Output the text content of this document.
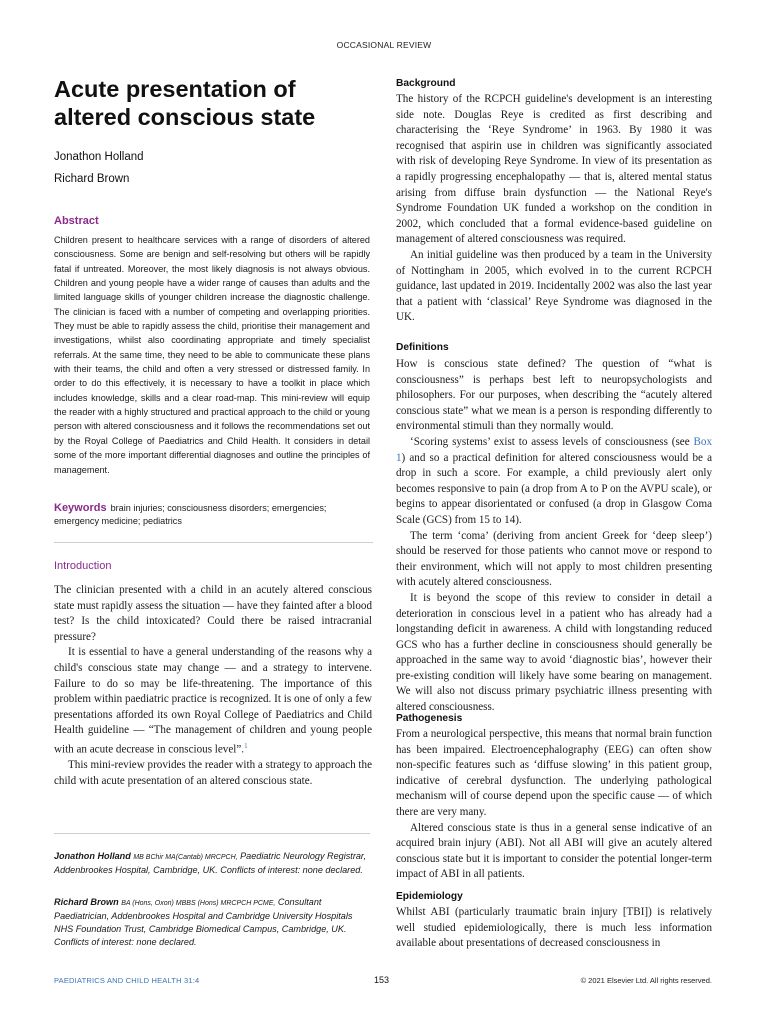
OCCASIONAL REVIEW
Acute presentation of altered conscious state
Jonathon Holland
Richard Brown
Abstract

Children present to healthcare services with a range of disorders of altered consciousness. Some are benign and self-resolving but others will be rapidly fatal if untreated. Moreover, the most likely diagnosis is not always obvious. Children and young people have a wider range of causes than adults and the limited language skills of younger children increase the diagnostic challenge. The clinician is faced with a number of competing and overlapping priorities. They must be able to rapidly assess the child, prioritise their management and investigations, whilst also coordinating appropriate and timely specialist referrals. At the same time, they need to be able to communicate these plans with their teams, the child and often a very stressed or distressed family. In order to do this effectively, it is necessary to have a toolkit in place which includes knowledge, skills and a clear road-map. This mini-review will equip the reader with a highly structured and practical approach to the child or young person with altered consciousness and it follows the recommendations set out by the Royal College of Paediatrics and Child Health. It considers in detail some of the more important differential diagnoses and outline the principles of management.

Keywords brain injuries; consciousness disorders; emergencies; emergency medicine; pediatrics

Introduction

The clinician presented with a child in an acutely altered conscious state must rapidly assess the situation — have they fainted after a blood test? Is the child intoxicated? Could there be raised intracranial pressure?

It is essential to have a general understanding of the reasons why a child's conscious state may change — and a strategy to intervene. Failure to do so may be life-threatening. The importance of this problem within paediatric practice is recognized. It is one of only a few presentations afforded its own Royal College of Paediatrics and Child Health guideline — “The management of children and young people with an acute decrease in conscious level”.$^1$

This mini-review provides the reader with a strategy to approach the child with acute presentation of an altered conscious state.

Jonathon Holland MB BChir MA(Cantab) MRCPCH, Paediatric Neurology Registrar, Addenbrookes Hospital, Cambridge, UK. Conflicts of interest: none declared.

Richard Brown BA (Hons, Oxon) MBBS (Hons) MRCPCH PCME, Consultant Paediatrician, Addenbrookes Hospital and Cambridge University Hospitals NHS Foundation Trust, Cambridge Biomedical Campus, Cambridge, UK. Conflicts of interest: none declared.

Background

The history of the RCPCH guideline's development is an interesting side note. Douglas Reye is credited as first describing and characterising the ‘Reye Syndrome’ in 1963. By 1980 it was recognised that aspirin use in children was significantly associated with risk of developing Reye Syndrome. In view of its presentation as a rapidly progressing encephalopathy — that is, altered mental status arising from diffuse brain dysfunction — the National Reye's Syndrome Foundation UK funded a workshop on the condition in 2002, which concluded that a formal evidence-based guideline on management of altered consciousness was required.

An initial guideline was then produced by a team in the University of Nottingham in 2005, which evolved in to the current RCPCH guidance, last updated in 2019. Incidentally 2002 was also the last year that a patient with ‘classical’ Reye Syndrome was diagnosed in the UK.

Definitions

How is conscious state defined? The question of “what is consciousness” is perhaps best left to neuropsychologists and philosophers. For our purposes, when describing the “acutely altered conscious state” what we mean is a person is responding differently to environmental stimuli than they normally would.

‘Scoring systems’ exist to assess levels of consciousness (see Box 1) and so a practical definition for altered consciousness would be a drop in such a score. For example, a child previously alert only becomes responsive to pain (a drop from A to P on the AVPU scale), or begins to appear disorientated or confused (a drop in Glasgow Coma Scale (GCS) from 15 to 14).

The term ‘coma’ (deriving from ancient Greek for ‘deep sleep’) should be reserved for those patients who cannot move or respond to their environment, which will not apply to most children presenting with acutely altered consciousness.

It is beyond the scope of this review to consider in detail a deterioration in conscious level in a patient who has already had a longstanding deficit in awareness. A child with longstanding reduced GCS who has a further decline in consciousness should generally be approached in the same way to avoid ‘diagnostic bias’, however their pre-existing condition will likely have some bearing on management. We will also not discuss primary psychiatric illness presenting with altered consciousness.

Pathogenesis

From a neurological perspective, this means that normal brain function has been impaired. Electroencephalography (EEG) can often show non-specific features such as ‘diffuse slowing’ in this patient group, indicative of cerebral dysfunction. The underlying pathological mechanism will of course depend upon the specific cause — of which there are very many.

Altered conscious state is thus in a general sense indicative of an acquired brain injury (ABI). Not all ABI will give an acutely altered conscious state but it is important to consider the potential longer-term impact of ABI in all patients.

Epidemiology

Whilst ABI (particularly traumatic brain injury [TBI]) is relatively well studied epidemiologically, there is much less information available about presentations of decreased consciousness in

PAEDIATRICS AND CHILD HEALTH 31:4	153	© 2021 Elsevier Ltd. All rights reserved.
